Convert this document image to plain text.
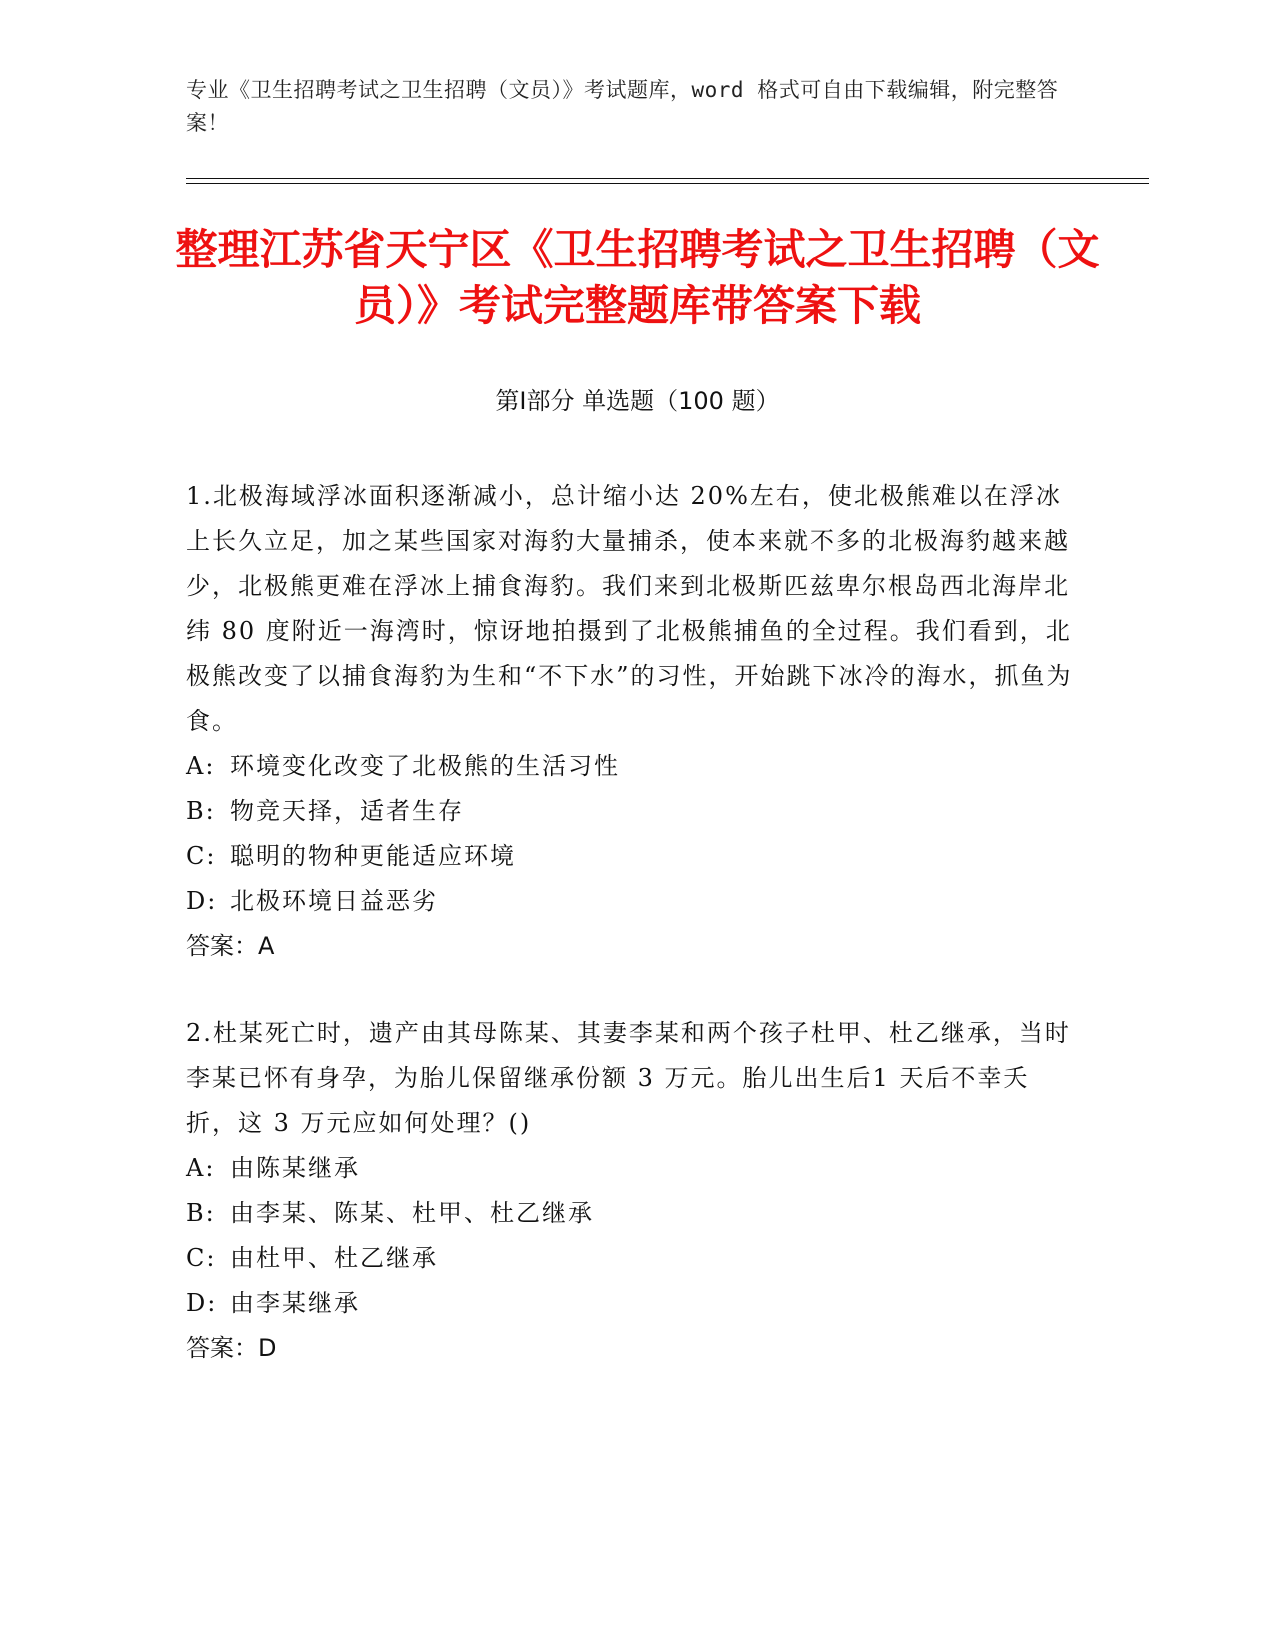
专业《卫生招聘考试之卫生招聘（文员）》考试题库，word 格式可自由下载编辑，附完整答案！
整理江苏省天宁区《卫生招聘考试之卫生招聘（文员）》考试完整题库带答案下载
第Ⅰ部分 单选题（100 题）

1.北极海域浮冰面积逐渐减小，总计缩小达 20%左右，使北极熊难以在浮冰上长久立足，加之某些国家对海豹大量捕杀，使本来就不多的北极海豹越来越少，北极熊更难在浮冰上捕食海豹。我们来到北极斯匹兹卑尔根岛西北海岸北纬 80 度附近一海湾时，惊讶地拍摄到了北极熊捕鱼的全过程。我们看到，北极熊改变了以捕食海豹为生和“不下水”的习性，开始跳下冰冷的海水，抓鱼为食。

A: 环境变化改变了北极熊的生活习性

B: 物竞天择，适者生存

C: 聪明的物种更能适应环境

D: 北极环境日益恶劣

答案：A

2.杜某死亡时，遗产由其母陈某、其妻李某和两个孩子杜甲、杜乙继承，当时李某已怀有身孕，为胎儿保留继承份额 3 万元。胎儿出生后1 天后不幸夭折，这 3 万元应如何处理？()

A: 由陈某继承

B: 由李某、陈某、杜甲、杜乙继承

C: 由杜甲、杜乙继承

D: 由李某继承

答案：D
